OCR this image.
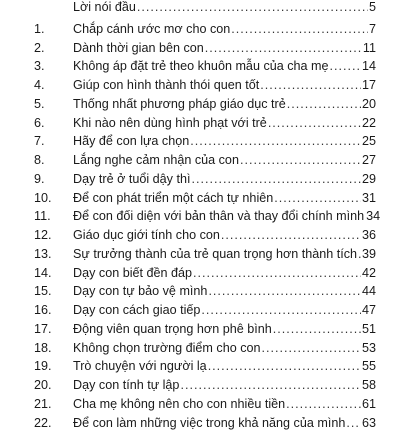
Lời nói đầu .....	5
1.	Chắp cánh ước mơ cho con .....	7
2.	Dành thời gian bên con .....	11
3.	Không áp đặt trẻ theo khuôn mẫu của cha mẹ .....	14
4.	Giúp con hình thành thói quen tốt .....	17
5.	Thống nhất phương pháp giáo dục trẻ .....	20
6.	Khi nào nên dùng hình phạt với trẻ .....	22
7.	Hãy để con lựa chọn .....	25
8.	Lắng nghe cảm nhận của con .....	27
9.	Dạy trẻ ở tuổi dậy thì .....	29
10.	Để con phát triển một cách tự nhiên .....	31
11.	Để con đối diện với bản thân và thay đổi chính mình 34
12.	Giáo dục giới tính cho con .....	36
13.	Sự trưởng thành của trẻ quan trọng hơn thành tích ..... 39
14.	Dạy con biết đền đáp .....	42
15.	Dạy con tự bảo vệ mình .....	44
16.	Dạy con cách giao tiếp .....	47
17.	Động viên quan trọng hơn phê bình .....	51
18.	Không chọn trường điểm cho con .....	53
19.	Trò chuyện với người lạ .....	55
20.	Dạy con tính tự lập .....	58
21.	Cha mẹ không nên cho con nhiều tiền .....	61
22.	Để con làm những việc trong khả năng của mình ..... 63
